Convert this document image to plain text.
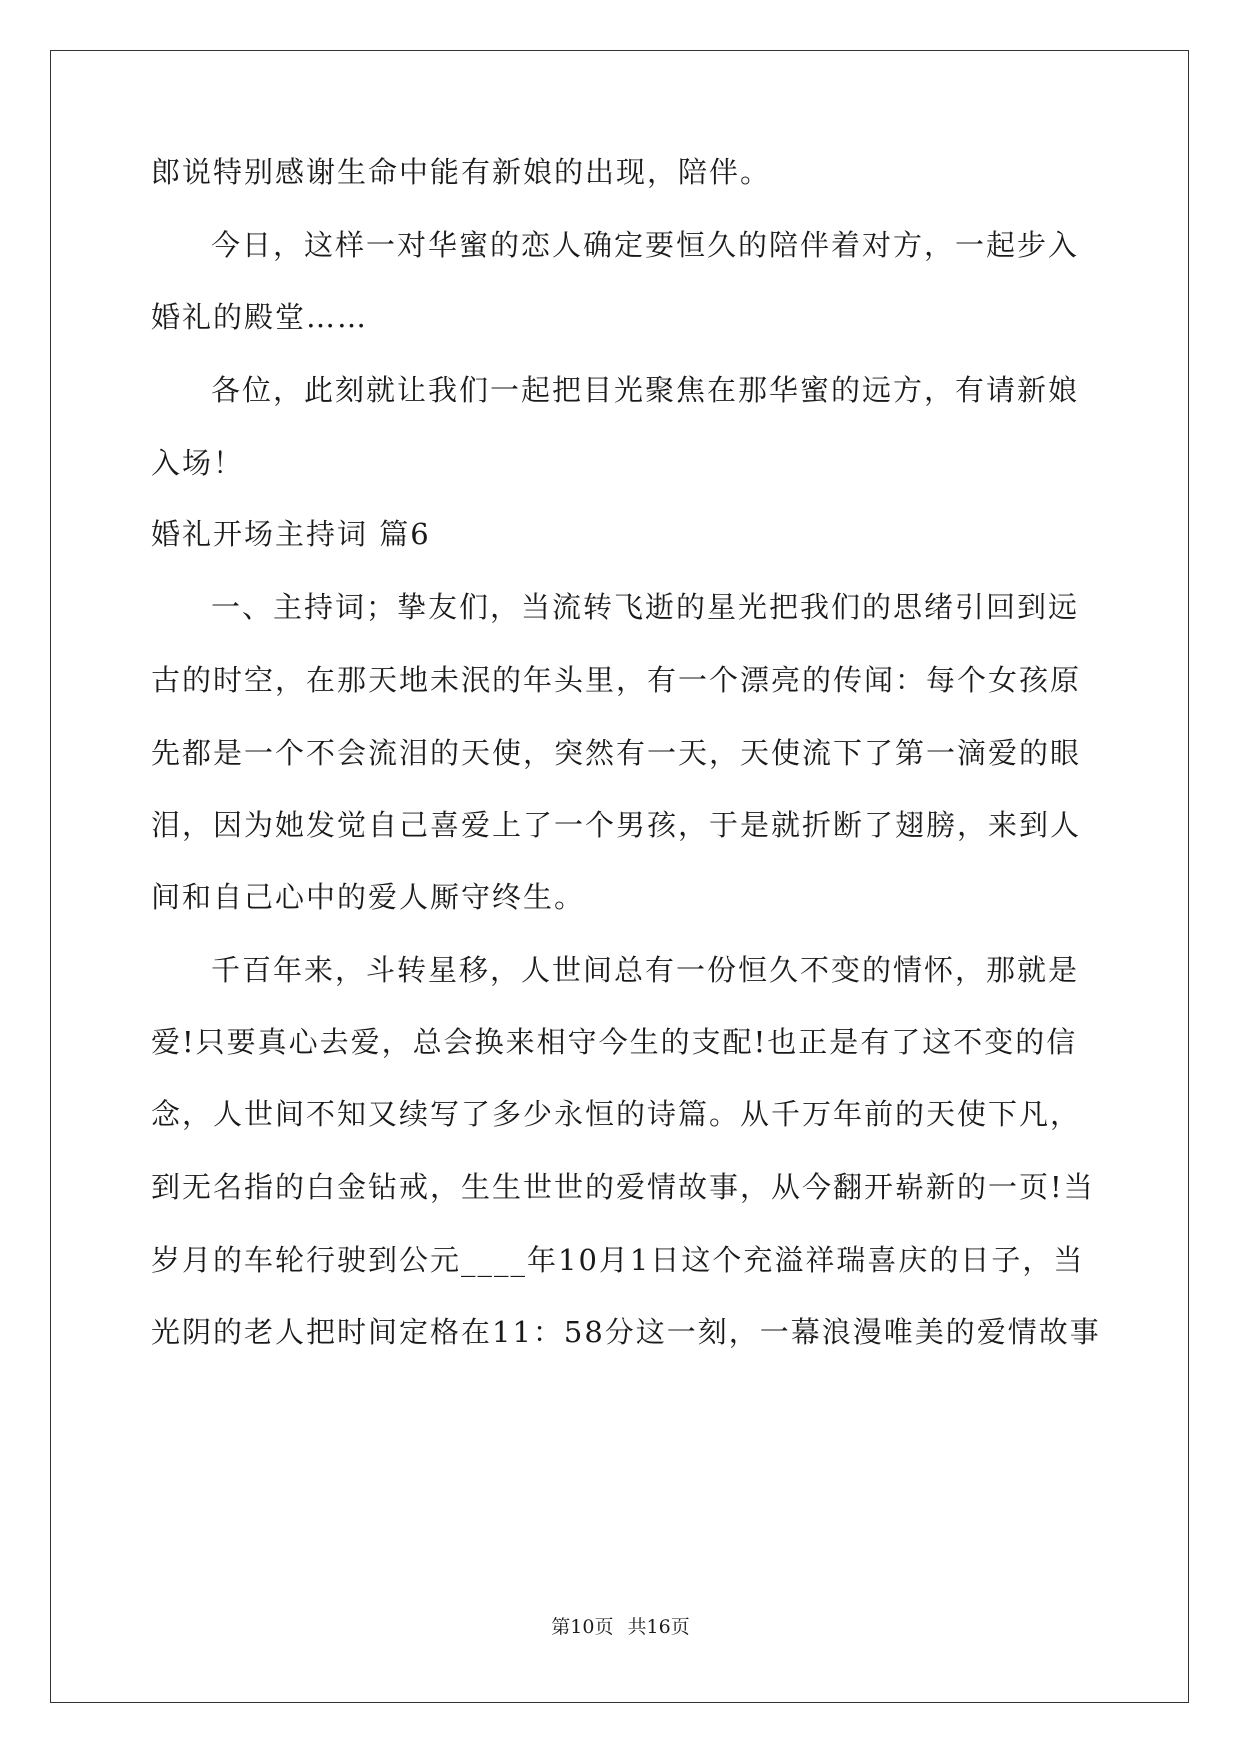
郎说特别感谢生命中能有新娘的出现，陪伴。
今日，这样一对华蜜的恋人确定要恒久的陪伴着对方，一起步入
婚礼的殿堂……
各位，此刻就让我们一起把目光聚焦在那华蜜的远方，有请新娘
入场！
婚礼开场主持词 篇6
一、主持词；挚友们，当流转飞逝的星光把我们的思绪引回到远
古的时空，在那天地未泯的年头里，有一个漂亮的传闻：每个女孩原
先都是一个不会流泪的天使，突然有一天，天使流下了第一滴爱的眼
泪，因为她发觉自己喜爱上了一个男孩，于是就折断了翅膀，来到人
间和自己心中的爱人厮守终生。
千百年来，斗转星移，人世间总有一份恒久不变的情怀，那就是
爱!只要真心去爱，总会换来相守今生的支配!也正是有了这不变的信
念，人世间不知又续写了多少永恒的诗篇。从千万年前的天使下凡，
到无名指的白金钻戒，生生世世的爱情故事，从今翻开崭新的一页!当
岁月的车轮行驶到公元____年10月1日这个充溢祥瑞喜庆的日子，当
光阴的老人把时间定格在11：58分这一刻，一幕浪漫唯美的爱情故事
第10页 共16页
